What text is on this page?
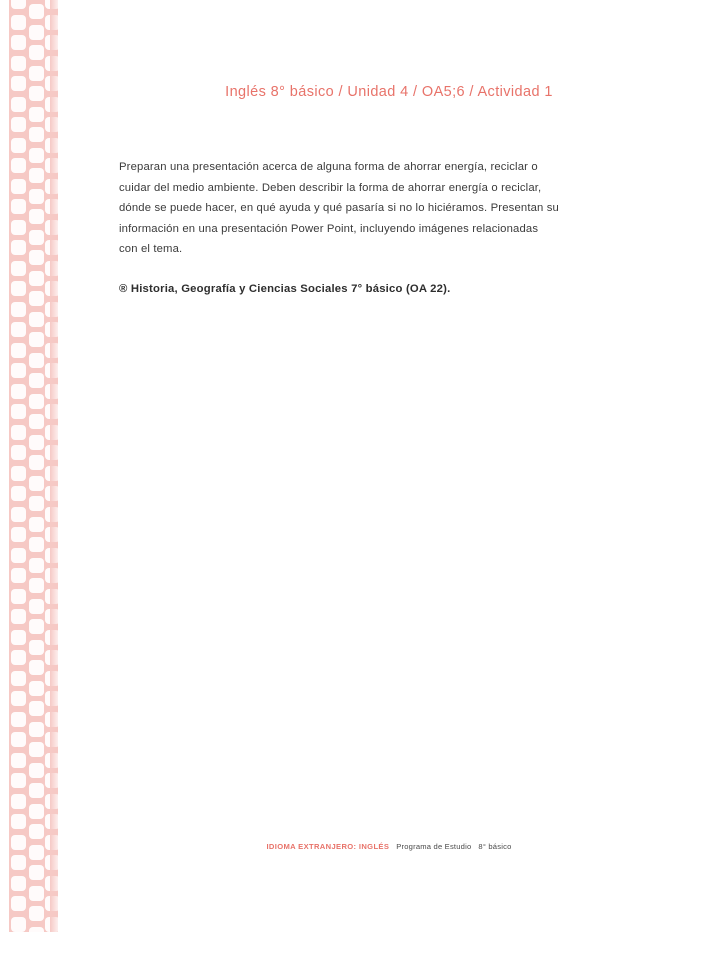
Inglés 8° básico / Unidad 4 / OA5;6 / Actividad 1
Preparan una presentación acerca de alguna forma de ahorrar energía, reciclar o cuidar del medio ambiente. Deben describir la forma de ahorrar energía o reciclar, dónde se puede hacer, en qué ayuda y qué pasaría si no lo hiciéramos. Presentan su información en una presentación Power Point, incluyendo imágenes relacionadas con el tema.
® Historia, Geografía y Ciencias Sociales 7° básico (OA 22).
IDIOMA EXTRANJERO: INGLÉS Programa de Estudio 8° básico
